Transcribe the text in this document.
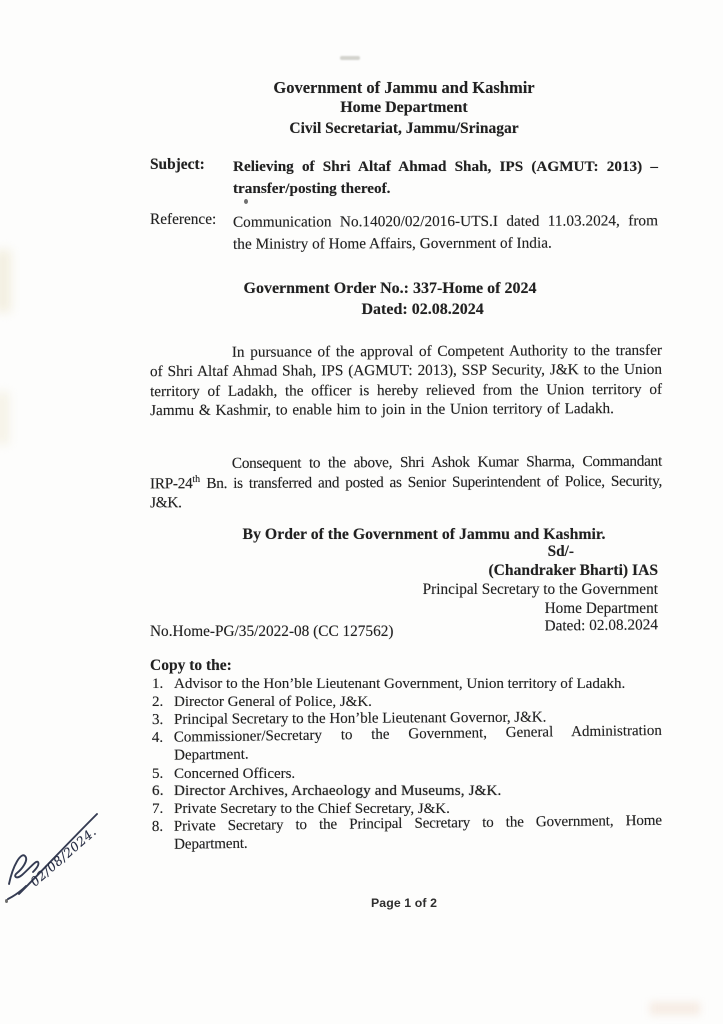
Government of Jammu and Kashmir
Home Department
Civil Secretariat, Jammu/Srinagar
Subject: Relieving of Shri Altaf Ahmad Shah, IPS (AGMUT: 2013) – transfer/posting thereof.
Reference: Communication No.14020/02/2016-UTS.I dated 11.03.2024, from the Ministry of Home Affairs, Government of India.
Government Order No.: 337-Home of 2024
Dated: 02.08.2024

In pursuance of the approval of Competent Authority to the transfer of Shri Altaf Ahmad Shah, IPS (AGMUT: 2013), SSP Security, J&K to the Union territory of Ladakh, the officer is hereby relieved from the Union territory of Jammu & Kashmir, to enable him to join in the Union territory of Ladakh.

Consequent to the above, Shri Ashok Kumar Sharma, Commandant IRP-24th Bn. is transferred and posted as Senior Superintendent of Police, Security, J&K.

By Order of the Government of Jammu and Kashmir.
Sd/-
(Chandraker Bharti) IAS
Principal Secretary to the Government
Home Department
Dated: 02.08.2024
No.Home-PG/35/2022-08 (CC 127562)
Copy to the:
1. Advisor to the Hon’ble Lieutenant Government, Union territory of Ladakh.
2. Director General of Police, J&K.
3. Principal Secretary to the Hon’ble Lieutenant Governor, J&K.
4. Commissioner/Secretary to the Government, General Administration Department.
5. Concerned Officers.
6. Director Archives, Archaeology and Museums, J&K.
7. Private Secretary to the Chief Secretary, J&K.
8. Private Secretary to the Principal Secretary to the Government, Home Department.
02/08/2024.
Page 1 of 2
